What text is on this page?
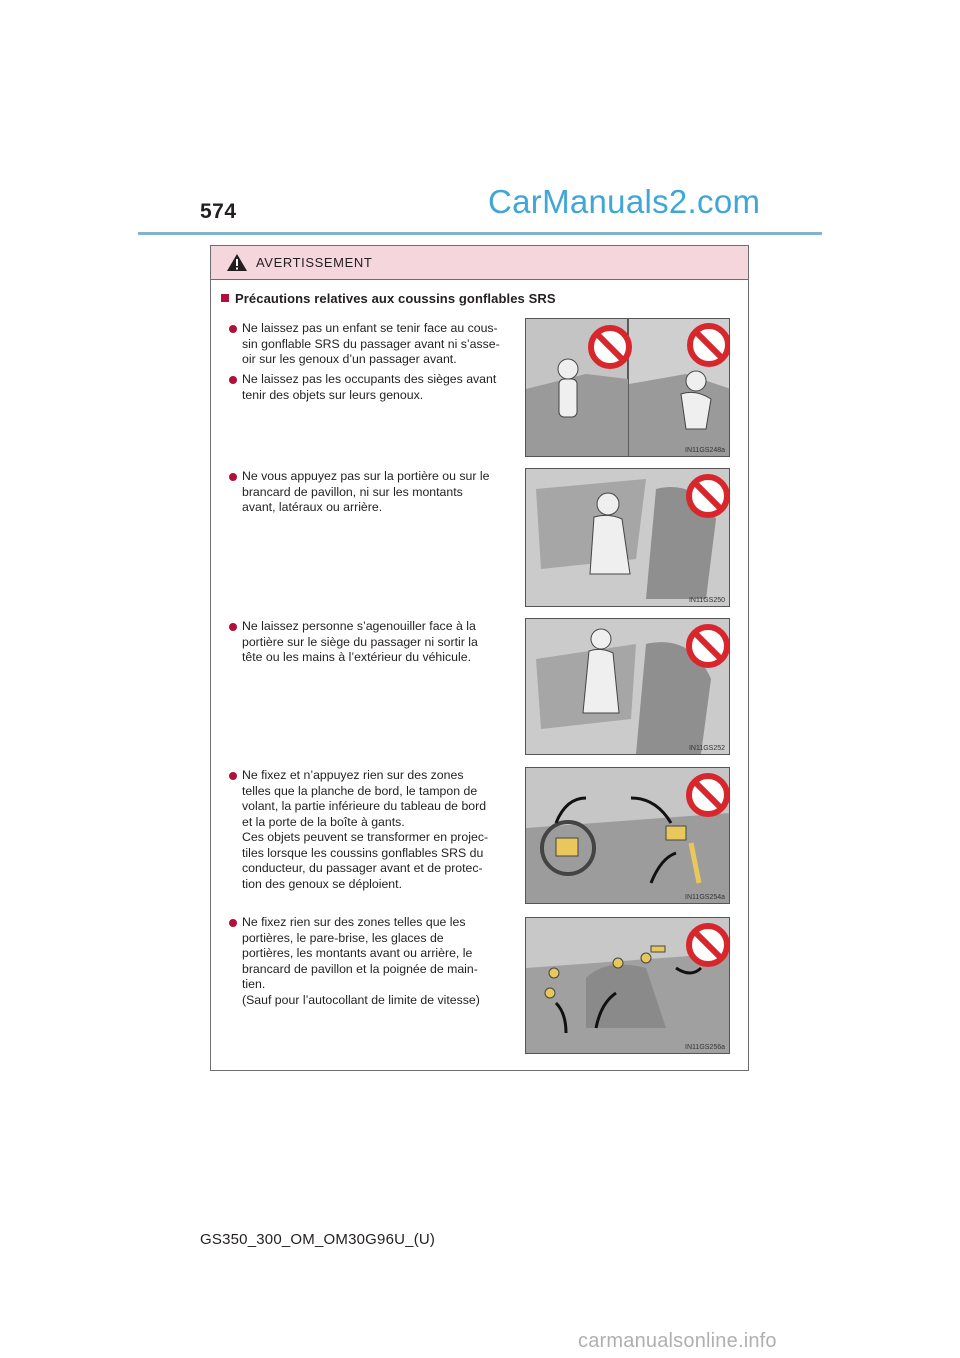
574	CarManuals2.com
AVERTISSEMENT
Précautions relatives aux coussins gonflables SRS
Ne laissez pas un enfant se tenir face au cous-
sin gonflable SRS du passager avant ni s’asse-
oir sur les genoux d’un passager avant.
Ne laissez pas les occupants des sièges avant
tenir des objets sur leurs genoux.
Ne vous appuyez pas sur la portière ou sur le
brancard de pavillon, ni sur les montants
avant, latéraux ou arrière.
Ne laissez personne s’agenouiller face à la
portière sur le siège du passager ni sortir la
tête ou les mains à l’extérieur du véhicule.
Ne fixez et n’appuyez rien sur des zones
telles que la planche de bord, le tampon de
volant, la partie inférieure du tableau de bord
et la porte de la boîte à gants.
Ces objets peuvent se transformer en projec-
tiles lorsque les coussins gonflables SRS du
conducteur, du passager avant et de protec-
tion des genoux se déploient.
Ne fixez rien sur des zones telles que les
portières, le pare-brise, les glaces de
portières, les montants avant ou arrière, le
brancard de pavillon et la poignée de main-
tien.
(Sauf pour l’autocollant de limite de vitesse)
IN11GS248a
IN11GS250
IN11GS252
IN11GS254a
IN11GS256a
GS350_300_OM_OM30G96U_(U)
carmanualsonline.info
